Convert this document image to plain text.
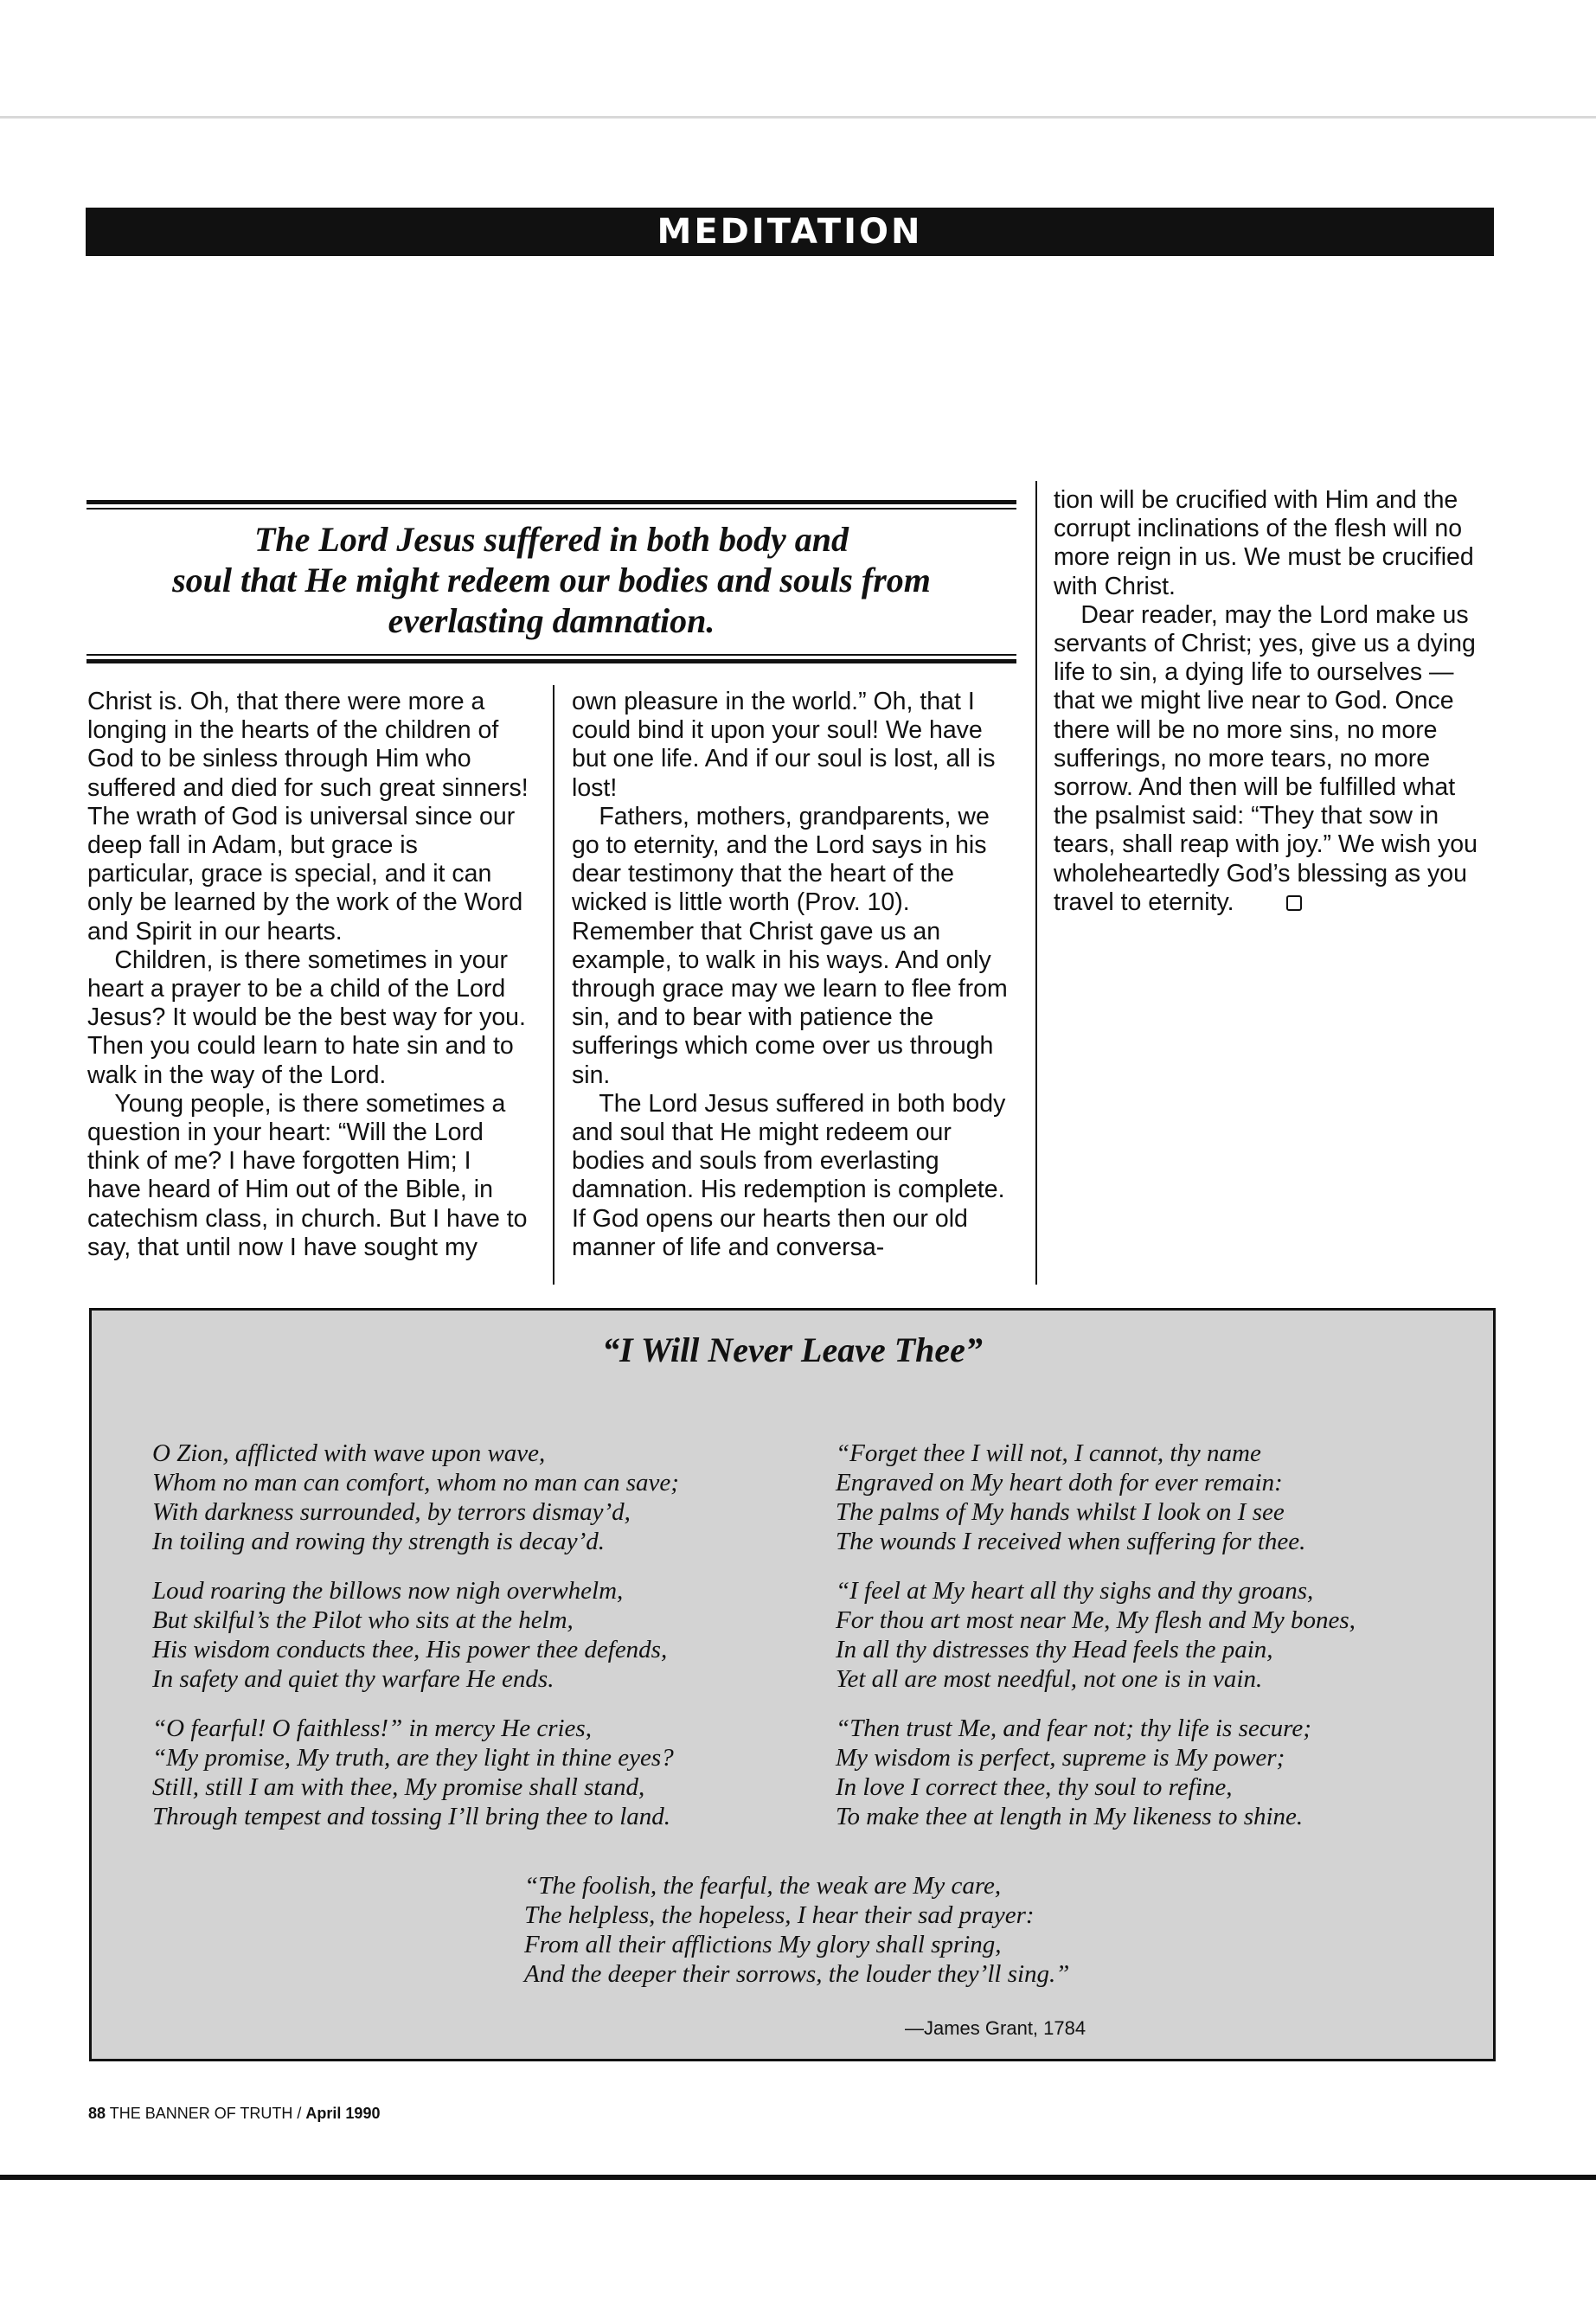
MEDITATION
The Lord Jesus suffered in both body and
soul that He might redeem our bodies and souls from
everlasting damnation.

Christ is. Oh, that there were more a longing in the hearts of the children of God to be sinless through Him who suffered and died for such great sinners! The wrath of God is universal since our deep fall in Adam, but grace is particular, grace is special, and it can only be learned by the work of the Word and Spirit in our hearts.

Children, is there sometimes in your heart a prayer to be a child of the Lord Jesus? It would be the best way for you. Then you could learn to hate sin and to walk in the way of the Lord.

Young people, is there sometimes a question in your heart: “Will the Lord think of me? I have forgotten Him; I have heard of Him out of the Bible, in catechism class, in church. But I have to say, that until now I have sought my

own pleasure in the world.” Oh, that I could bind it upon your soul! We have but one life. And if our soul is lost, all is lost!

Fathers, mothers, grandparents, we go to eternity, and the Lord says in his dear testimony that the heart of the wicked is little worth (Prov. 10). Remember that Christ gave us an example, to walk in his ways. And only through grace may we learn to flee from sin, and to bear with patience the sufferings which come over us through sin.

The Lord Jesus suffered in both body and soul that He might redeem our bodies and souls from everlasting damnation. His redemption is complete. If God opens our hearts then our old manner of life and conversa-

tion will be crucified with Him and the corrupt inclinations of the flesh will no more reign in us. We must be crucified with Christ.

Dear reader, may the Lord make us servants of Christ; yes, give us a dying life to sin, a dying life to ourselves — that we might live near to God. Once there will be no more sins, no more sufferings, no more tears, no more sorrow. And then will be fulfilled what the psalmist said: “They that sow in tears, shall reap with joy.” We wish you wholeheartedly God’s blessing as you travel to eternity.

“I Will Never Leave Thee”
O Zion, afflicted with wave upon wave,
Whom no man can comfort, whom no man can save;
With darkness surrounded, by terrors dismay’d,
In toiling and rowing thy strength is decay’d.
Loud roaring the billows now nigh overwhelm,
But skilful’s the Pilot who sits at the helm,
His wisdom conducts thee, His power thee defends,
In safety and quiet thy warfare He ends.
“O fearful! O faithless!” in mercy He cries,
“My promise, My truth, are they light in thine eyes?
Still, still I am with thee, My promise shall stand,
Through tempest and tossing I’ll bring thee to land.
“Forget thee I will not, I cannot, thy name
Engraved on My heart doth for ever remain:
The palms of My hands whilst I look on I see
The wounds I received when suffering for thee.
“I feel at My heart all thy sighs and thy groans,
For thou art most near Me, My flesh and My bones,
In all thy distresses thy Head feels the pain,
Yet all are most needful, not one is in vain.
“Then trust Me, and fear not; thy life is secure;
My wisdom is perfect, supreme is My power;
In love I correct thee, thy soul to refine,
To make thee at length in My likeness to shine.
“The foolish, the fearful, the weak are My care,
The helpless, the hopeless, I hear their sad prayer:
From all their afflictions My glory shall spring,
And the deeper their sorrows, the louder they’ll sing.”
—James Grant, 1784
88 THE BANNER OF TRUTH / April 1990
